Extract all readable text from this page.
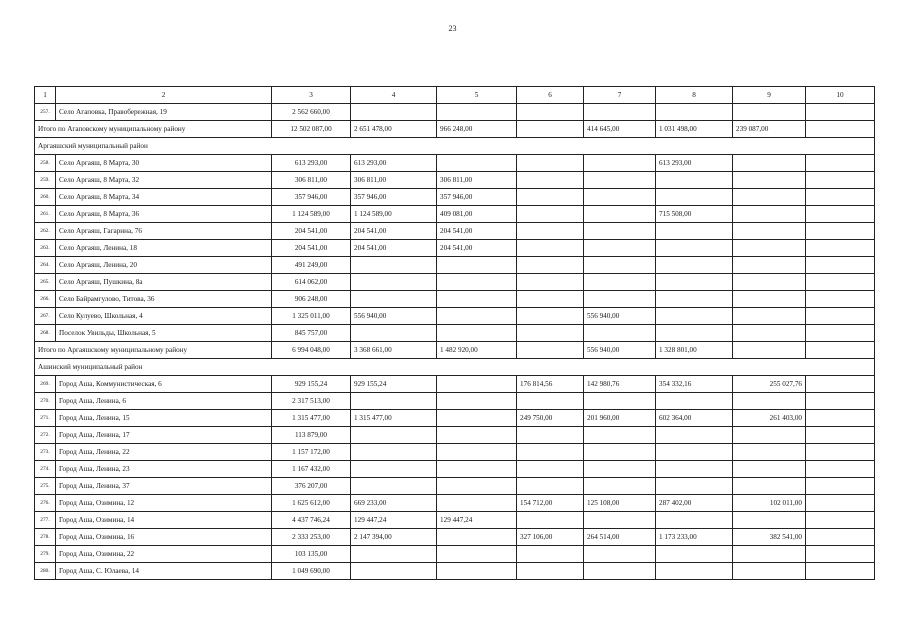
23
1	2	3	4	5	6	7	8	9	10
257.	Село Агаповка, Правобережная, 19	2 562 660,00							
Итого по Агаповскому муниципальному району		12 502 087,00	2 651 478,00	966 248,00		414 645,00	1 031 498,00	239 087,00	
Аргаяшский муниципальный район									
258.	Село Аргаяш, 8 Марта, 30	613 293,00	613 293,00				613 293,00		
259.	Село Аргаяш, 8 Марта, 32	306 811,00	306 811,00	306 811,00					
260.	Село Аргаяш, 8 Марта, 34	357 946,00	357 946,00	357 946,00					
261.	Село Аргаяш, 8 Марта, 36	1 124 589,00	1 124 589,00	409 081,00			715 508,00		
262.	Село Аргаяш, Гагарина, 76	204 541,00	204 541,00	204 541,00					
263.	Село Аргаяш, Ленина, 18	204 541,00	204 541,00	204 541,00					
264.	Село Аргаяш, Ленина, 20	491 249,00							
265.	Село Аргаяш, Пушкина, 8а	614 062,00							
266.	Село Байрамгулово, Титова, 36	906 248,00							
267.	Село Кулуево, Школьная, 4	1 325 011,00	556 940,00			556 940,00			
268.	Поселок Увильды, Школьная, 5	845 757,00							
Итого по Аргаяшскому муниципальному району		6 994 048,00	3 368 661,00	1 482 920,00		556 940,00	1 328 801,00		
Ашинский муниципальный район									
269.	Город Аша, Коммунистическая, 6	929 155,24	929 155,24		176 814,56	142 980,76	354 332,16	255 027,76	
270.	Город Аша, Ленина, 6	2 317 513,00							
271.	Город Аша, Ленина, 15	1 315 477,00	1 315 477,00		249 750,00	201 960,00	602 364,00	261 403,00	
272.	Город Аша, Ленина, 17	113 879,00							
273.	Город Аша, Ленина, 22	1 157 172,00							
274.	Город Аша, Ленина, 23	1 167 432,00							
275.	Город Аша, Ленина, 37	376 207,00							
276.	Город Аша, Озимина, 12	1 625 612,00	669 233,00		154 712,00	125 108,00	287 402,00	102 011,00	
277.	Город Аша, Озимина, 14	4 437 746,24	129 447,24	129 447,24					
278.	Город Аша, Озимина, 16	2 333 253,00	2 147 394,00		327 106,00	264 514,00	1 173 233,00	382 541,00	
279.	Город Аша, Озимина, 22	103 135,00							
280.	Город Аша, С. Юлаева, 14	1 049 690,00							
